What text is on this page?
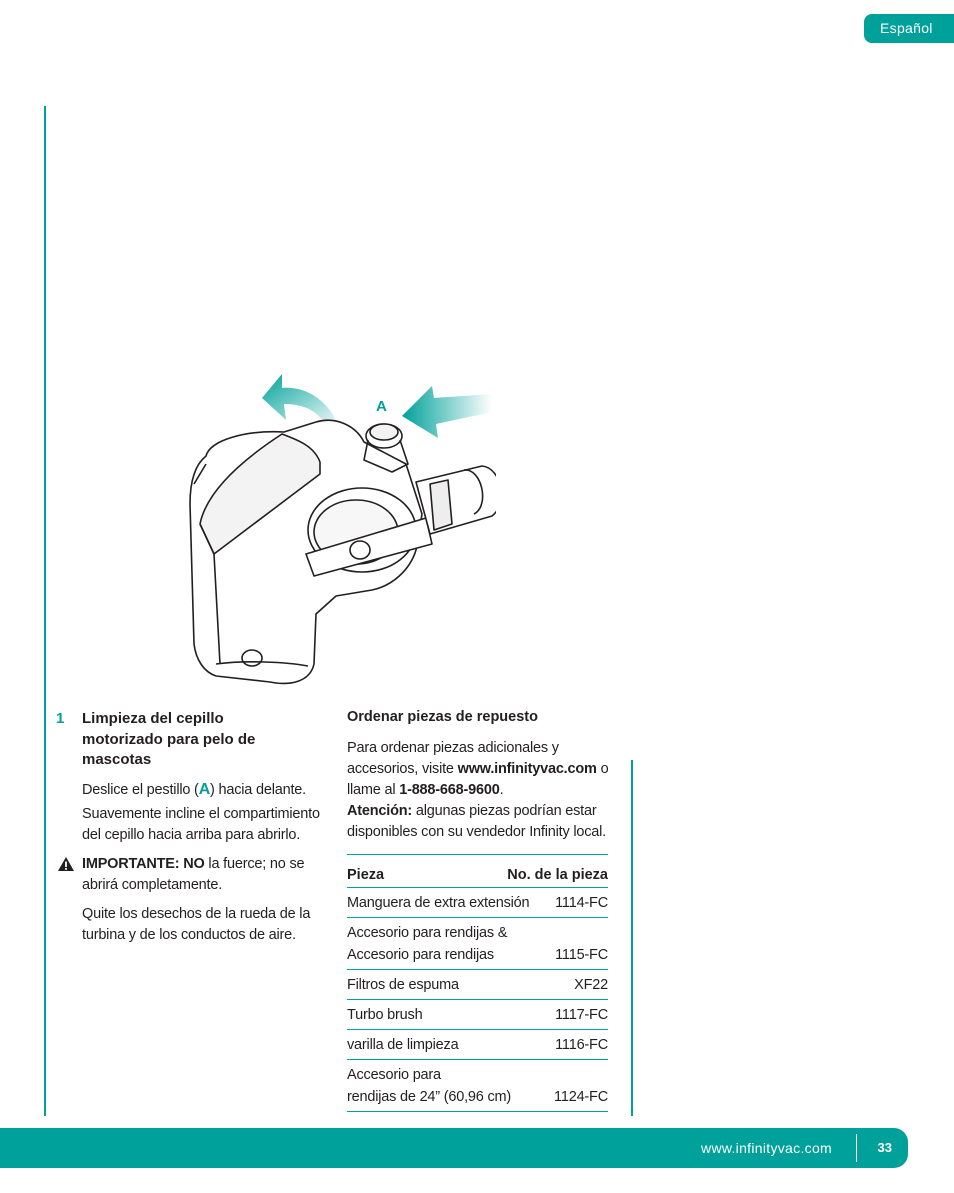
Español
A
1 Limpieza del cepillo motorizado para pelo de mascotas
Deslice el pestillo (A) hacia delante.
Suavemente incline el compartimiento del cepillo hacia arriba para abrirlo.
IMPORTANTE: NO la fuerce; no se abrirá completamente.
Quite los desechos de la rueda de la turbina y de los conductos de aire.
Ordenar piezas de repuesto
Para ordenar piezas adicionales y accesorios, visite www.infinityvac.com o llame al 1-888-668-9600.
Atención: algunas piezas podrían estar disponibles con su vendedor Infinity local.
Pieza	No. de la pieza
Manguera de extra extensión 1114-FC
Accesorio para rendijas &
Accesorio para rendijas	1115-FC
Filtros de espuma	XF22
Turbo brush	1117-FC
varilla de limpieza	1116-FC
Accesorio para
rendijas de 24” (60,96 cm)	1124-FC
www.infinityvac.com	33
